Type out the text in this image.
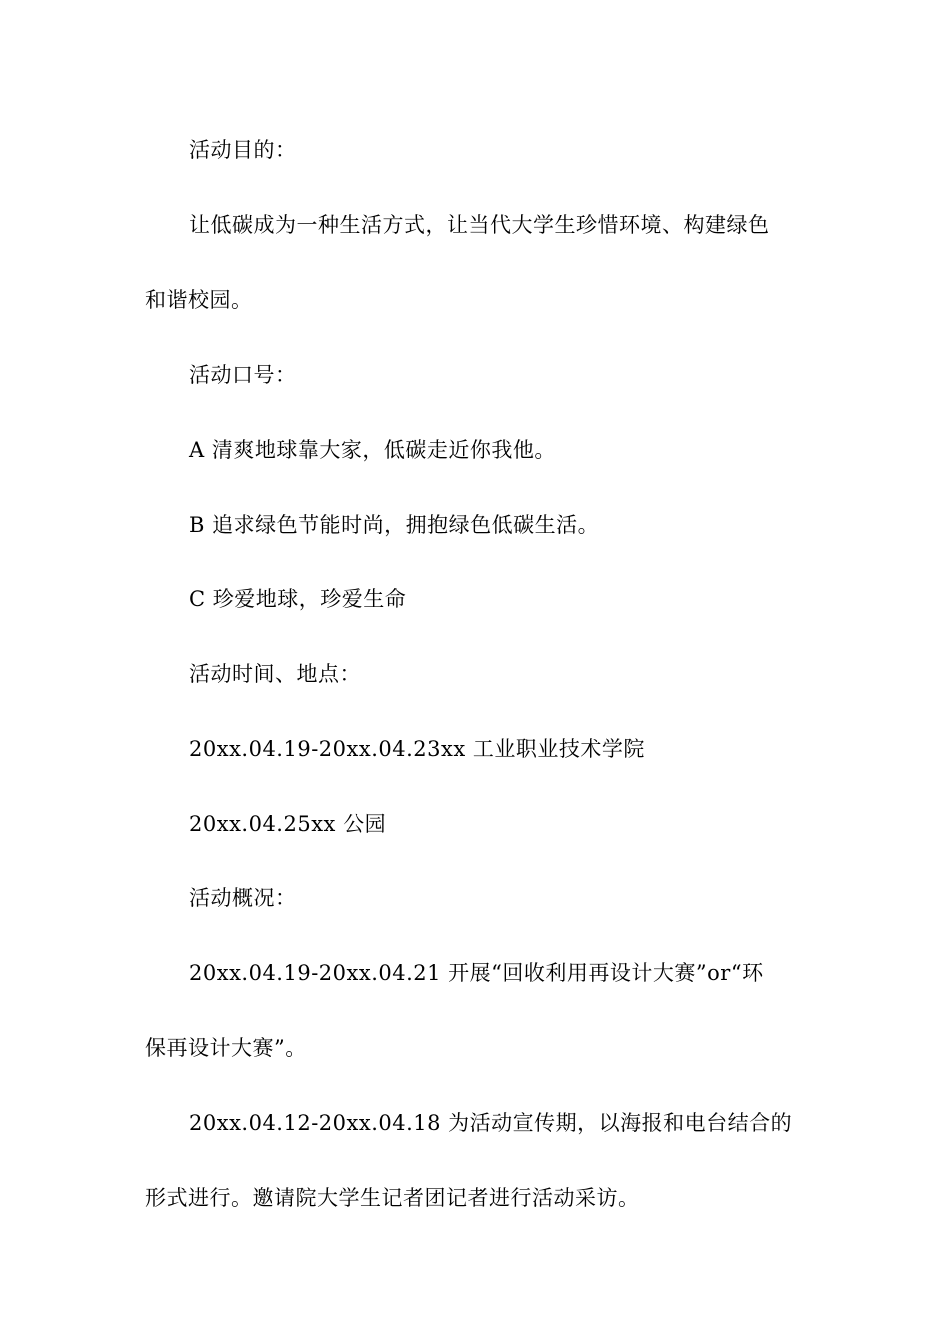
活动目的：
让低碳成为一种生活方式，让当代大学生珍惜环境、构建绿色
和谐校园。
活动口号：
A 清爽地球靠大家，低碳走近你我他。
B 追求绿色节能时尚，拥抱绿色低碳生活。
C 珍爱地球，珍爱生命
活动时间、地点：
20xx.04.19-20xx.04.23xx 工业职业技术学院
20xx.04.25xx 公园
活动概况：
20xx.04.19-20xx.04.21 开展“回收利用再设计大赛”or“环
保再设计大赛”。
20xx.04.12-20xx.04.18 为活动宣传期，以海报和电台结合的
形式进行。邀请院大学生记者团记者进行活动采访。
